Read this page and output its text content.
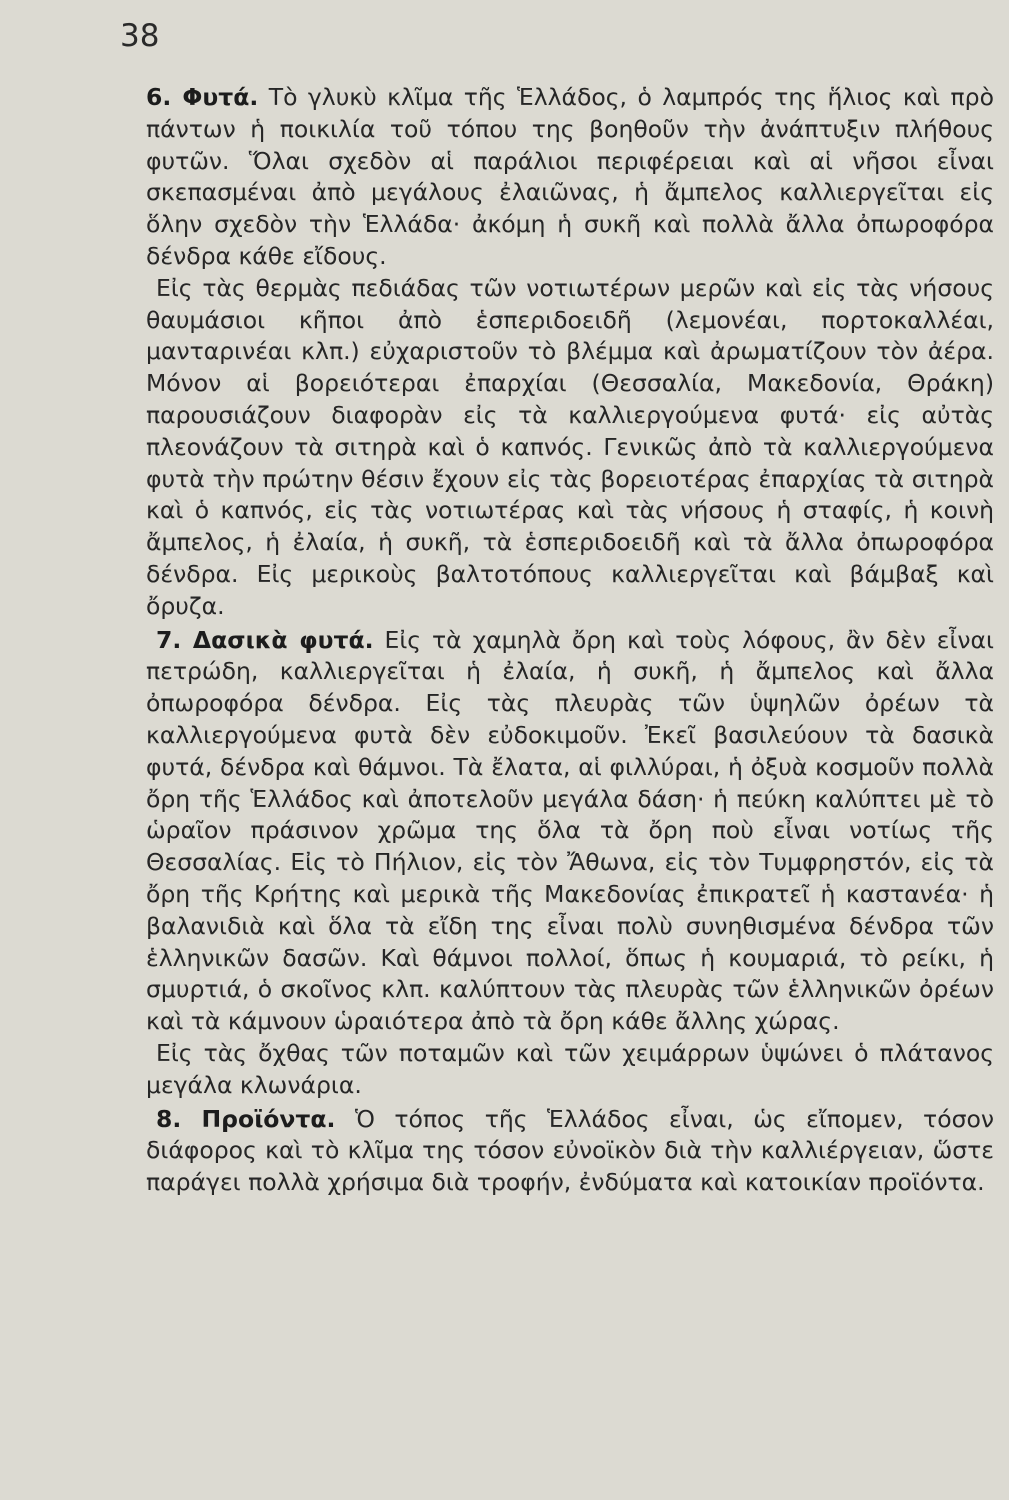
38

6. Φυτά. Τὸ γλυκὺ κλῖμα τῆς Ἑλλάδος, ὁ λαμπρός της ἥλιος καὶ πρὸ πάντων ἡ ποικιλία τοῦ τόπου της βοηθοῦν τὴν ἀνάπτυξιν πλήθους φυτῶν. Ὅλαι σχεδὸν αἱ παράλιοι περιφέρειαι καὶ αἱ νῆσοι εἶναι σκεπασμέναι ἀπὸ μεγάλους ἐλαιῶνας, ἡ ἄμπελος καλλιεργεῖται εἰς ὅλην σχεδὸν τὴν Ἑλλάδα· ἀκόμη ἡ συκῆ καὶ πολλὰ ἄλλα ὀπωροφόρα δένδρα κάθε εἴδους.

Εἰς τὰς θερμὰς πεδιάδας τῶν νοτιωτέρων μερῶν καὶ εἰς τὰς νήσους θαυμάσιοι κῆποι ἀπὸ ἑσπεριδοειδῆ (λεμονέαι, πορτοκαλλέαι, μανταρινέαι κλπ.) εὐχαριστοῦν τὸ βλέμμα καὶ ἀρωματίζουν τὸν ἀέρα. Μόνον αἱ βορειότεραι ἐπαρχίαι (Θεσσαλία, Μακεδονία, Θράκη) παρουσιάζουν διαφορὰν εἰς τὰ καλλιεργούμενα φυτά· εἰς αὐτὰς πλεονάζουν τὰ σιτηρὰ καὶ ὁ καπνός. Γενικῶς ἀπὸ τὰ καλλιεργούμενα φυτὰ τὴν πρώτην θέσιν ἔχουν εἰς τὰς βορειοτέρας ἐπαρχίας τὰ σιτηρὰ καὶ ὁ καπνός, εἰς τὰς νοτιωτέρας καὶ τὰς νήσους ἡ σταφίς, ἡ κοινὴ ἄμπελος, ἡ ἐλαία, ἡ συκῆ, τὰ ἑσπεριδοειδῆ καὶ τὰ ἄλλα ὀπωροφόρα δένδρα. Εἰς μερικοὺς βαλτοτόπους καλλιεργεῖται καὶ βάμβαξ καὶ ὄρυζα.

7. Δασικὰ φυτά. Εἰς τὰ χαμηλὰ ὄρη καὶ τοὺς λόφους, ἂν δὲν εἶναι πετρώδη, καλλιεργεῖται ἡ ἐλαία, ἡ συκῆ, ἡ ἄμπελος καὶ ἄλλα ὀπωροφόρα δένδρα. Εἰς τὰς πλευρὰς τῶν ὑψηλῶν ὀρέων τὰ καλλιεργούμενα φυτὰ δὲν εὐδοκιμοῦν. Ἐκεῖ βασιλεύουν τὰ δασικὰ φυτά, δένδρα καὶ θάμνοι. Τὰ ἔλατα, αἱ φιλλύραι, ἡ ὀξυὰ κοσμοῦν πολλὰ ὄρη τῆς Ἑλλάδος καὶ ἀποτελοῦν μεγάλα δάση· ἡ πεύκη καλύπτει μὲ τὸ ὡραῖον πράσινον χρῶμα της ὅλα τὰ ὄρη ποὺ εἶναι νοτίως τῆς Θεσσαλίας. Εἰς τὸ Πήλιον, εἰς τὸν Ἄθωνα, εἰς τὸν Τυμφρηστόν, εἰς τὰ ὄρη τῆς Κρήτης καὶ μερικὰ τῆς Μακεδονίας ἐπικρατεῖ ἡ καστανέα· ἡ βαλανιδιὰ καὶ ὅλα τὰ εἴδη της εἶναι πολὺ συνηθισμένα δένδρα τῶν ἑλληνικῶν δασῶν. Καὶ θάμνοι πολλοί, ὅπως ἡ κουμαριά, τὸ ρείκι, ἡ σμυρτιά, ὁ σκοῖνος κλπ. καλύπτουν τὰς πλευρὰς τῶν ἑλληνικῶν ὀρέων καὶ τὰ κάμνουν ὡραιότερα ἀπὸ τὰ ὄρη κάθε ἄλλης χώρας.

Εἰς τὰς ὄχθας τῶν ποταμῶν καὶ τῶν χειμάρρων ὑψώνει ὁ πλάτανος μεγάλα κλωνάρια.

8. Προϊόντα. Ὁ τόπος τῆς Ἑλλάδος εἶναι, ὡς εἴπομεν, τόσον διάφορος καὶ τὸ κλῖμα της τόσον εὐνοϊκὸν διὰ τὴν καλλιέργειαν, ὥστε παράγει πολλὰ χρήσιμα διὰ τροφήν, ἐνδύματα καὶ κατοικίαν προϊόντα.
